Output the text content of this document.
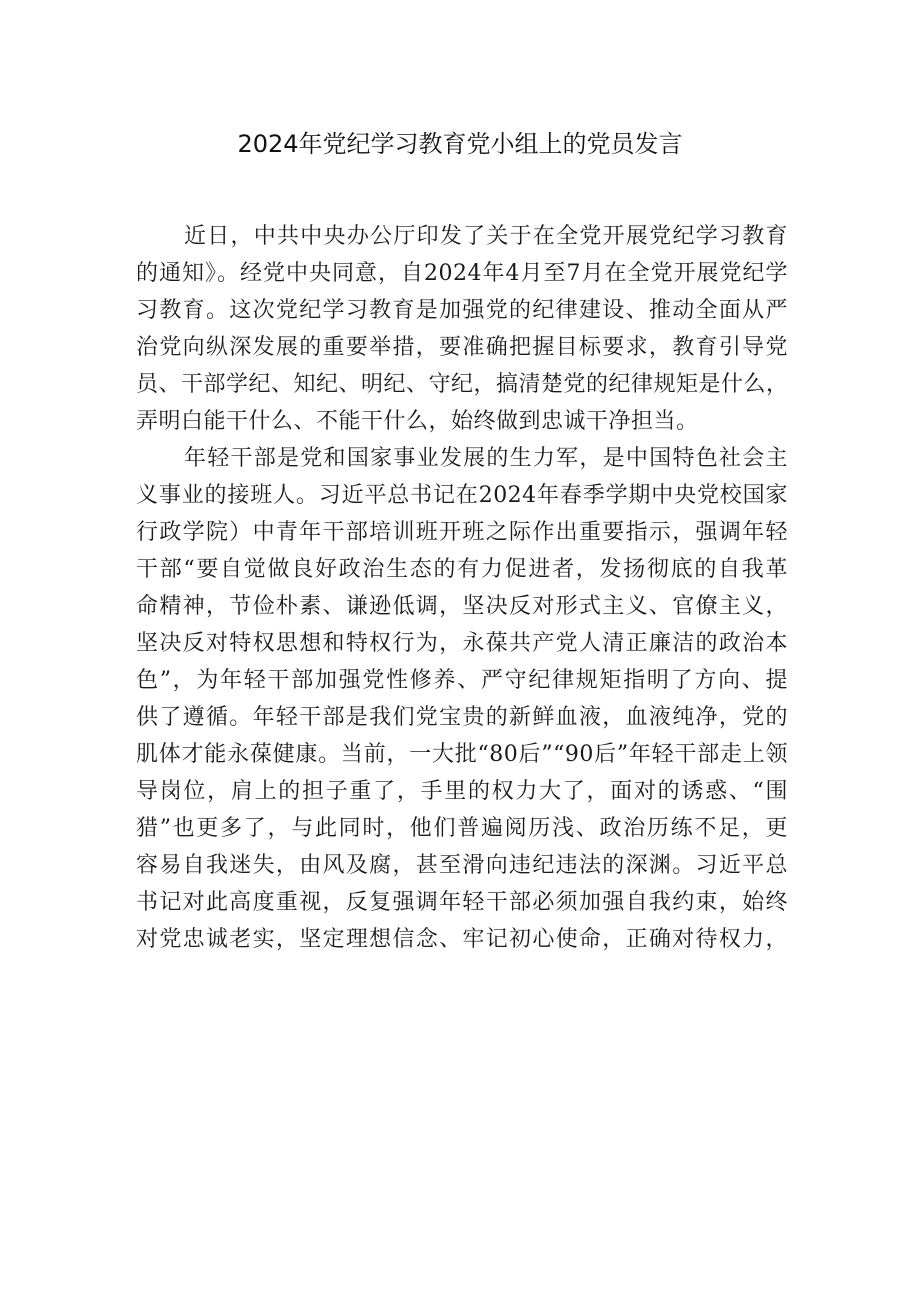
2024年党纪学习教育党小组上的党员发言
近日，中共中央办公厅印发了关于在全党开展党纪学习教育
的通知》。经党中央同意，自2024年4月至7月在全党开展党纪学
习教育。这次党纪学习教育是加强党的纪律建设、推动全面从严
治党向纵深发展的重要举措，要准确把握目标要求，教育引导党
员、干部学纪、知纪、明纪、守纪，搞清楚党的纪律规矩是什么，
弄明白能干什么、不能干什么，始终做到忠诚干净担当。
年轻干部是党和国家事业发展的生力军，是中国特色社会主
义事业的接班人。习近平总书记在2024年春季学期中央党校国家
行政学院）中青年干部培训班开班之际作出重要指示，强调年轻
干部“要自觉做良好政治生态的有力促进者，发扬彻底的自我革
命精神，节俭朴素、谦逊低调，坚决反对形式主义、官僚主义，
坚决反对特权思想和特权行为，永葆共产党人清正廉洁的政治本
色”，为年轻干部加强党性修养、严守纪律规矩指明了方向、提
供了遵循。年轻干部是我们党宝贵的新鲜血液，血液纯净，党的
肌体才能永葆健康。当前，一大批“80后”“90后”年轻干部走上领
导岗位，肩上的担子重了，手里的权力大了，面对的诱惑、“围
猎”也更多了，与此同时，他们普遍阅历浅、政治历练不足，更
容易自我迷失，由风及腐，甚至滑向违纪违法的深渊。习近平总
书记对此高度重视，反复强调年轻干部必须加强自我约束，始终
对党忠诚老实，坚定理想信念、牢记初心使命，正确对待权力，
